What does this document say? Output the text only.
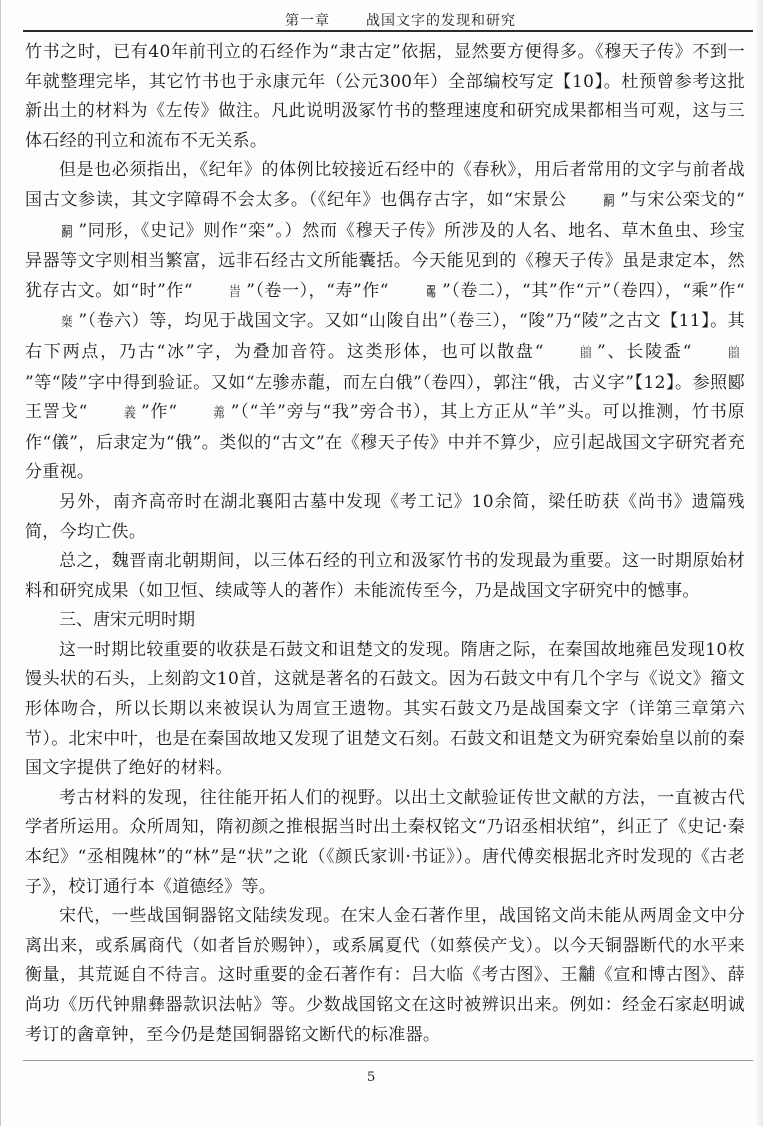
第一章	战国文字的发现和研究

竹书之时，已有40年前刊立的石经作为“隶古定”依据，显然要方便得多。《穆天子传》不到一年就整理完毕，其它竹书也于永康元年（公元300年）全部编校写定【10】。杜预曾参考这批新出土的材料为《左传》做注。凡此说明汲冢竹书的整理速度和研究成果都相当可观，这与三体石经的刊立和流布不无关系。

但是也必须指出，《纪年》的体例比较接近石经中的《春秋》，用后者常用的文字与前者战国古文参读，其文字障碍不会太多。（《纪年》也偶存古字，如“宋景公	𤔲 ”与宋公栾戈的“𤔲 ”同形，《史记》则作“栾”。）然而《穆天子传》所涉及的人名、地名、草木鱼虫、珍宝异器等文字则相当繁富，远非石经古文所能囊括。今天能见到的《穆天子传》虽是隶定本，然犹存古文。如“时”作“	旹 ”（卷一），“寿”作“	𠷎 ”（卷二），“其”作“亓”（卷四），“乘”作“椉 ”（卷六）等，均见于战国文字。又如“山陖自出”（卷三），“陖”乃“陵”之古文【11】。其右下两点，乃古“冰”字，为叠加音符。这类形体，也可以散盘“	𨺅 ”、长陵盉“	𨺅”等“陵”字中得到验证。又如“左骖赤蘢，而左白俄”（卷四），郭注“俄，古义字”【12】。参照郾王詈戈“	義 ”作“	羛 ”（“羊”旁与“我”旁合书），其上方正从“羊”头。可以推测，竹书原作“儀”，后隶定为“俄”。类似的“古文”在《穆天子传》中并不算少，应引起战国文字研究者充分重视。

另外，南齐高帝时在湖北襄阳古墓中发现《考工记》10余简，梁任昉获《尚书》遗篇残简，今均亡佚。

总之，魏晋南北朝期间，以三体石经的刊立和汲冢竹书的发现最为重要。这一时期原始材料和研究成果（如卫恒、续咸等人的著作）未能流传至今，乃是战国文字研究中的憾事。

三、唐宋元明时期

这一时期比较重要的收获是石鼓文和诅楚文的发现。隋唐之际，在秦国故地雍邑发现10枚馒头状的石头，上刻韵文10首，这就是著名的石鼓文。因为石鼓文中有几个字与《说文》籀文形体吻合，所以长期以来被误认为周宣王遗物。其实石鼓文乃是战国秦文字（详第三章第六节）。北宋中叶，也是在秦国故地又发现了诅楚文石刻。石鼓文和诅楚文为研究秦始皇以前的秦国文字提供了绝好的材料。

考古材料的发现，往往能开拓人们的视野。以出土文献验证传世文献的方法，一直被古代学者所运用。众所周知，隋初颜之推根据当时出土秦权铭文“乃诏丞相状绾”，纠正了《史记·秦本纪》“丞相隗林”的“林”是“状”之讹（《颜氏家训·书证》）。唐代傅奕根据北齐时发现的《古老子》，校订通行本《道德经》等。

宋代，一些战国铜器铭文陆续发现。在宋人金石著作里，战国铭文尚未能从两周金文中分离出来，或系属商代（如者旨於赐钟），或系属夏代（如蔡侯产戈）。以今天铜器断代的水平来衡量，其荒诞自不待言。这时重要的金石著作有：吕大临《考古图》、王黼《宣和博古图》、薛尚功《历代钟鼎彝器款识法帖》等。少数战国铭文在这时被辨识出来。例如：经金石家赵明诚考订的酓章钟，至今仍是楚国铜器铭文断代的标准器。

5
